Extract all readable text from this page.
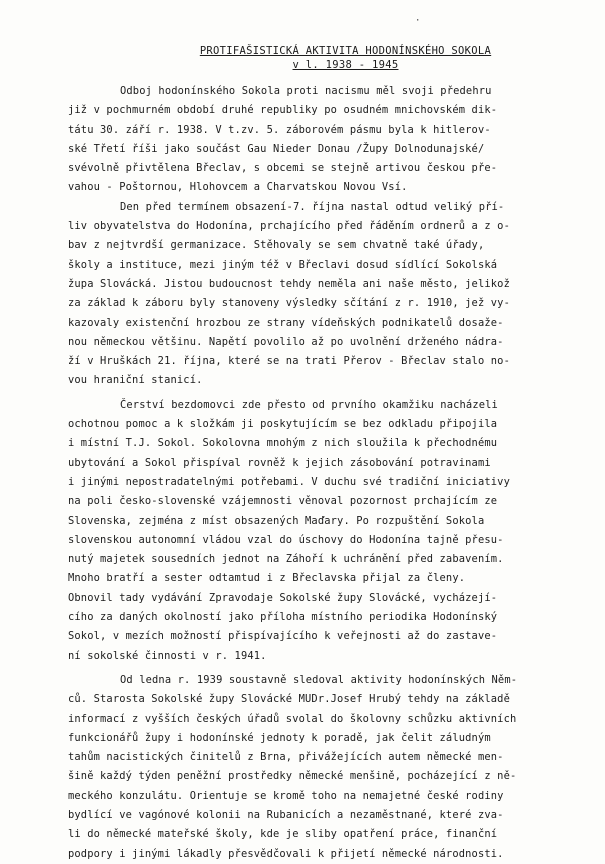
·
PROTIFAŠISTICKÁ AKTIVITA HODONÍNSKÉHO SOKOLA
v l. 1938 - 1945
Odboj hodonínského Sokola proti nacismu měl svoji předehru
již v pochmurném období druhé republiky po osudném mnichovském dik-
tátu 30. září r. 1938. V t.zv. 5. záborovém pásmu byla k hitlerov-
ské Třetí říši jako součást Gau Nieder Donau /Župy Dolnodunajské/
svévolně přivtělena Břeclav, s obcemi se stejně artivou českou pře-
vahou - Poštornou, Hlohovcem a Charvatskou Novou Vsí.
Den před termínem obsazení-7. října nastal odtud veliký pří-
liv obyvatelstva do Hodonína, prchajícího před řáděním ordnerů a z o-
bav z nejtvrdší germanizace. Stěhovaly se sem chvatně také úřady,
školy a instituce, mezi jiným též v Břeclavi dosud sídlící Sokolská
župa Slovácká. Jistou budoucnost tehdy neměla ani naše město, jelikož
za základ k záboru byly stanoveny výsledky sčítání z r. 1910, jež vy-
kazovaly existenční hrozbou ze strany vídeňských podnikatelů dosaže-
nou německou většinu. Napětí povolilo až po uvolnění drženého nádra-
ží v Hruškách 21. října, které se na trati Přerov - Břeclav stalo no-
vou hraniční stanicí.
Čerství bezdomovci zde přesto od prvního okamžiku nacházeli
ochotnou pomoc a k složkám ji poskytujícím se bez odkladu připojila
i místní T.J. Sokol. Sokolovna mnohým z nich sloužila k přechodnému
ubytování a Sokol přispíval rovněž k jejich zásobování potravinami
i jinými nepostradatelnými potřebami. V duchu své tradiční iniciativy
na poli česko-slovenské vzájemnosti věnoval pozornost prchajícím ze
Slovenska, zejména z míst obsazených Maďary. Po rozpuštění Sokola
slovenskou autonomní vládou vzal do úschovy do Hodonína tajně přesu-
nutý majetek sousedních jednot na Záhoří k uchránění před zabavením.
Mnoho bratří a sester odtamtud i z Břeclavska přijal za členy.
Obnovil tady vydávání Zpravodaje Sokolské župy Slovácké, vycházejí-
cího za daných okolností jako příloha místního periodika Hodonínský
Sokol, v mezích možností přispívajícího k veřejnosti až do zastave-
ní sokolské činnosti v r. 1941.
Od ledna r. 1939 soustavně sledoval aktivity hodonínských Něm-
ců. Starosta Sokolské župy Slovácké MUDr.Josef Hrubý tehdy na základě
informací z vyšších českých úřadů svolal do školovny schůzku aktivních
funkcionářů župy i hodonínské jednoty k poradě, jak čelit záludným
tahům nacistických činitelů z Brna, přivážejících autem německé men-
šině každý týden peněžní prostředky německé menšině, pocházející z ně-
meckého konzulátu. Orientuje se kromě toho na nemajetné české rodiny
bydlící ve vagónové kolonii na Rubanicích a nezaměstnané, které zva-
li do německé mateřské školy, kde je sliby opatření práce, finanční
podpory i jinými lákadly přesvědčovali k přijetí německé národnosti.
